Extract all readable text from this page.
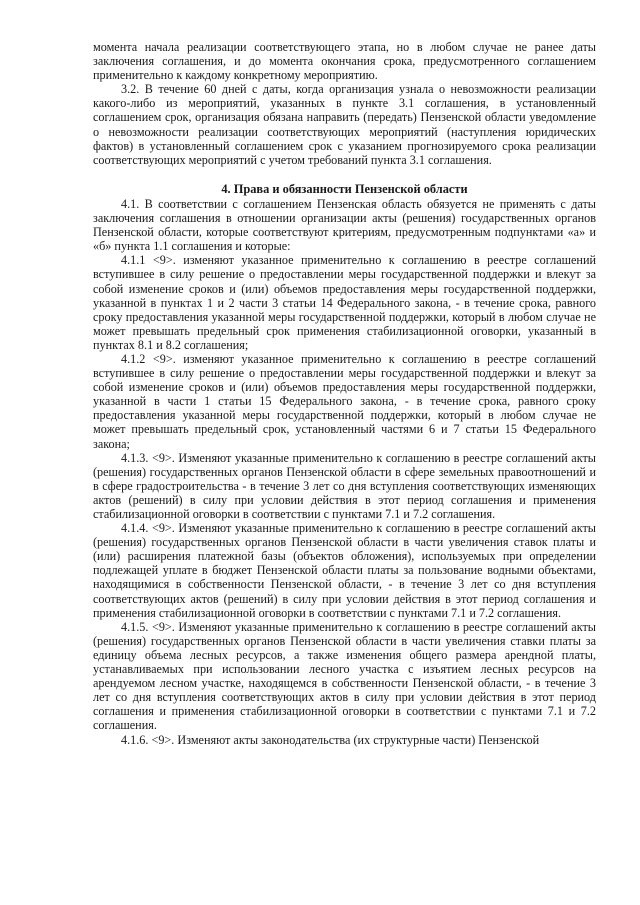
момента начала реализации соответствующего этапа, но в любом случае не ранее даты заключения соглашения, и до момента окончания срока, предусмотренного соглашением применительно к каждому конкретному мероприятию.

3.2. В течение 60 дней с даты, когда организация узнала о невозможности реализации какого-либо из мероприятий, указанных в пункте 3.1 соглашения, в установленный соглашением срок, организация обязана направить (передать) Пензенской области уведомление о невозможности реализации соответствующих мероприятий (наступления юридических фактов) в установленный соглашением срок с указанием прогнозируемого срока реализации соответствующих мероприятий с учетом требований пункта 3.1 соглашения.

4. Права и обязанности Пензенской области

4.1. В соответствии с соглашением Пензенская область обязуется не применять с даты заключения соглашения в отношении организации акты (решения) государственных органов Пензенской области, которые соответствуют критериям, предусмотренным подпунктами «а» и «б» пункта 1.1 соглашения и которые:

4.1.1 <9>. изменяют указанное применительно к соглашению в реестре соглашений вступившее в силу решение о предоставлении меры государственной поддержки и влекут за собой изменение сроков и (или) объемов предоставления меры государственной поддержки, указанной в пунктах 1 и 2 части 3 статьи 14 Федерального закона, - в течение срока, равного сроку предоставления указанной меры государственной поддержки, который в любом случае не может превышать предельный срок применения стабилизационной оговорки, указанный в пунктах 8.1 и 8.2 соглашения;

4.1.2 <9>. изменяют указанное применительно к соглашению в реестре соглашений вступившее в силу решение о предоставлении меры государственной поддержки и влекут за собой изменение сроков и (или) объемов предоставления меры государственной поддержки, указанной в части 1 статьи 15 Федерального закона, - в течение срока, равного сроку предоставления указанной меры государственной поддержки, который в любом случае не может превышать предельный срок, установленный частями 6 и 7 статьи 15 Федерального закона;

4.1.3. <9>. Изменяют указанные применительно к соглашению в реестре соглашений акты (решения) государственных органов Пензенской области в сфере земельных правоотношений и в сфере градостроительства - в течение 3 лет со дня вступления соответствующих изменяющих актов (решений) в силу при условии действия в этот период соглашения и применения стабилизационной оговорки в соответствии с пунктами 7.1 и 7.2 соглашения.

4.1.4. <9>. Изменяют указанные применительно к соглашению в реестре соглашений акты (решения) государственных органов Пензенской области в части увеличения ставок платы и (или) расширения платежной базы (объектов обложения), используемых при определении подлежащей уплате в бюджет Пензенской области платы за пользование водными объектами, находящимися в собственности Пензенской области, - в течение 3 лет со дня вступления соответствующих актов (решений) в силу при условии действия в этот период соглашения и применения стабилизационной оговорки в соответствии с пунктами 7.1 и 7.2 соглашения.

4.1.5. <9>. Изменяют указанные применительно к соглашению в реестре соглашений акты (решения) государственных органов Пензенской области в части увеличения ставки платы за единицу объема лесных ресурсов, а также изменения общего размера арендной платы, устанавливаемых при использовании лесного участка с изъятием лесных ресурсов на арендуемом лесном участке, находящемся в собственности Пензенской области, - в течение 3 лет со дня вступления соответствующих актов в силу при условии действия в этот период соглашения и применения стабилизационной оговорки в соответствии с пунктами 7.1 и 7.2 соглашения.

4.1.6. <9>. Изменяют акты законодательства (их структурные части) Пензенской
